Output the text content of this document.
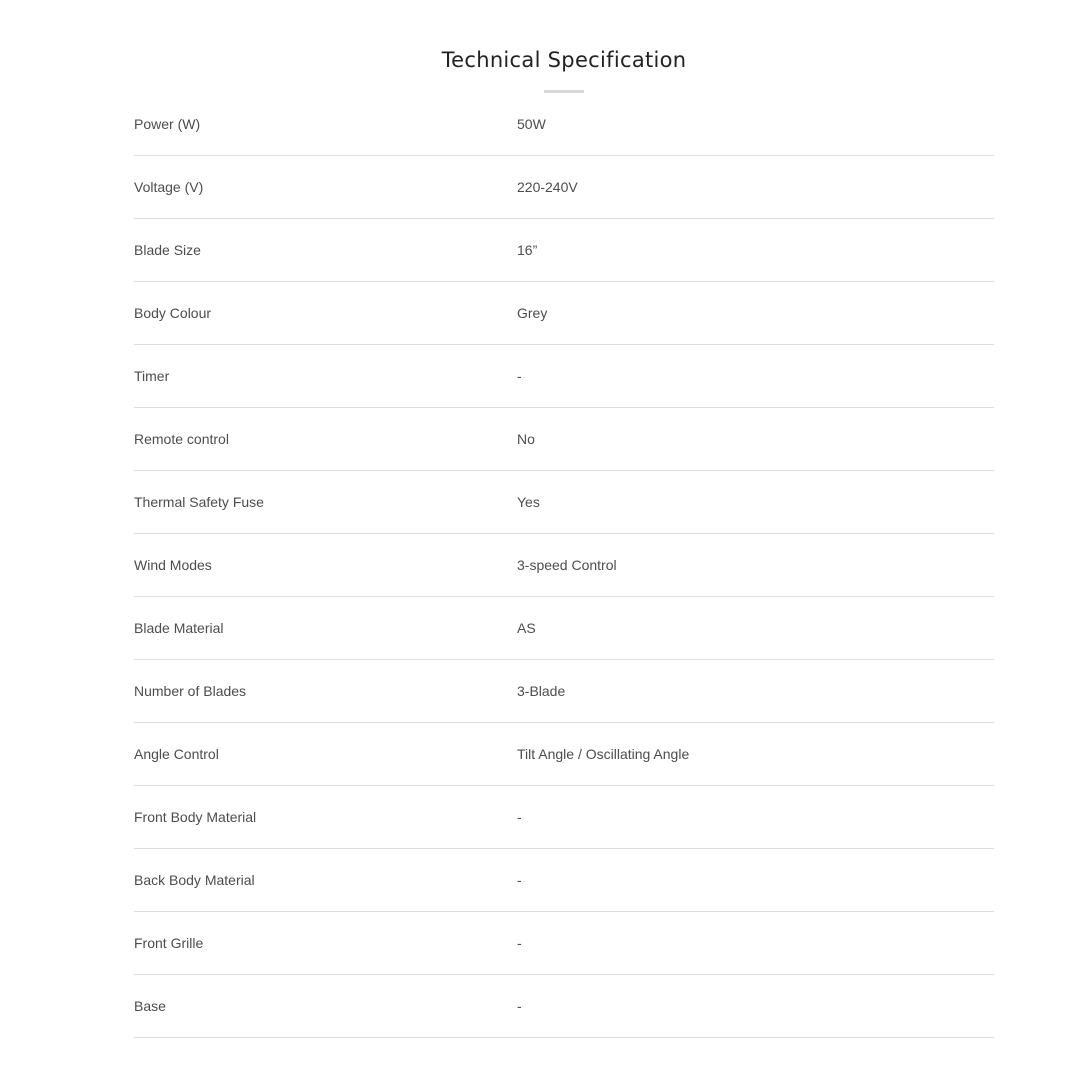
Technical Specification
Power (W)	50W
Voltage (V)	220-240V
Blade Size	16”
Body Colour	Grey
Timer	-
Remote control	No
Thermal Safety Fuse	Yes
Wind Modes	3-speed Control
Blade Material	AS
Number of Blades	3-Blade
Angle Control	Tilt Angle / Oscillating Angle
Front Body Material	-
Back Body Material	-
Front Grille	-
Base	-
